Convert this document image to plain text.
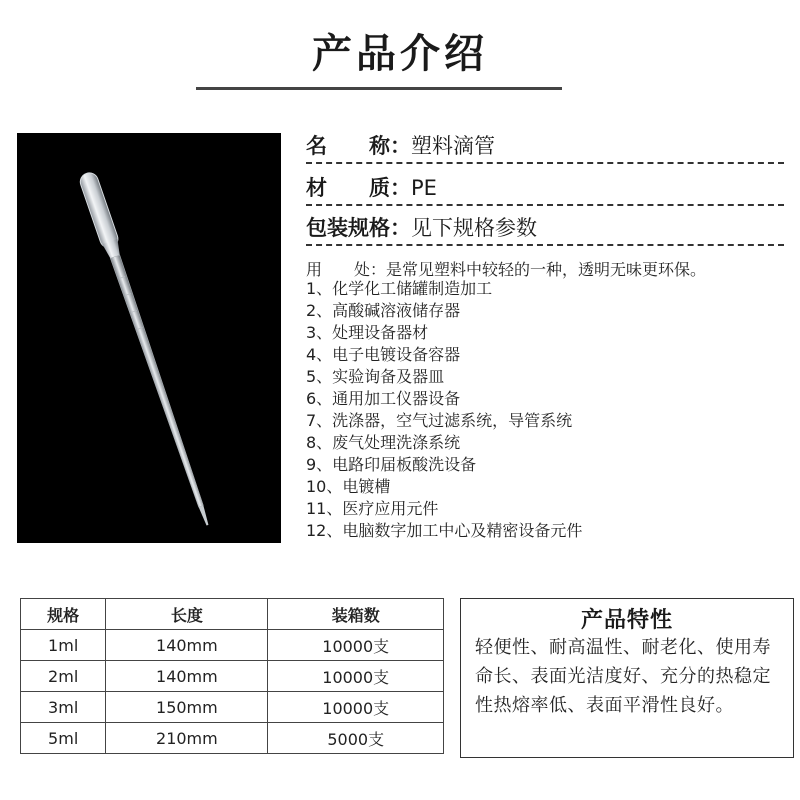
产品介绍
名　　称：塑料滴管
材　　质：PE
包装规格：见下规格参数
用　　处：是常见塑料中较轻的一种，透明无味更环保。
1、化学化工储罐制造加工
2、高酸碱溶液储存器
3、处理设备器材
4、电子电镀设备容器
5、实验询备及器皿
6、通用加工仪器设备
7、洗涤器，空气过滤系统，导管系统
8、废气处理洗涤系统
9、电路印届板酸洗设备
10、电镀槽
11、医疗应用元件
12、电脑数字加工中心及精密设备元件
规格	长度	装箱数
1ml	140mm	10000支
2ml	140mm	10000支
3ml	150mm	10000支
5ml	210mm	5000支
产品特性

轻便性、耐高温性、耐老化、使用寿命长、表面光洁度好、充分的热稳定性热熔率低、表面平滑性良好。
